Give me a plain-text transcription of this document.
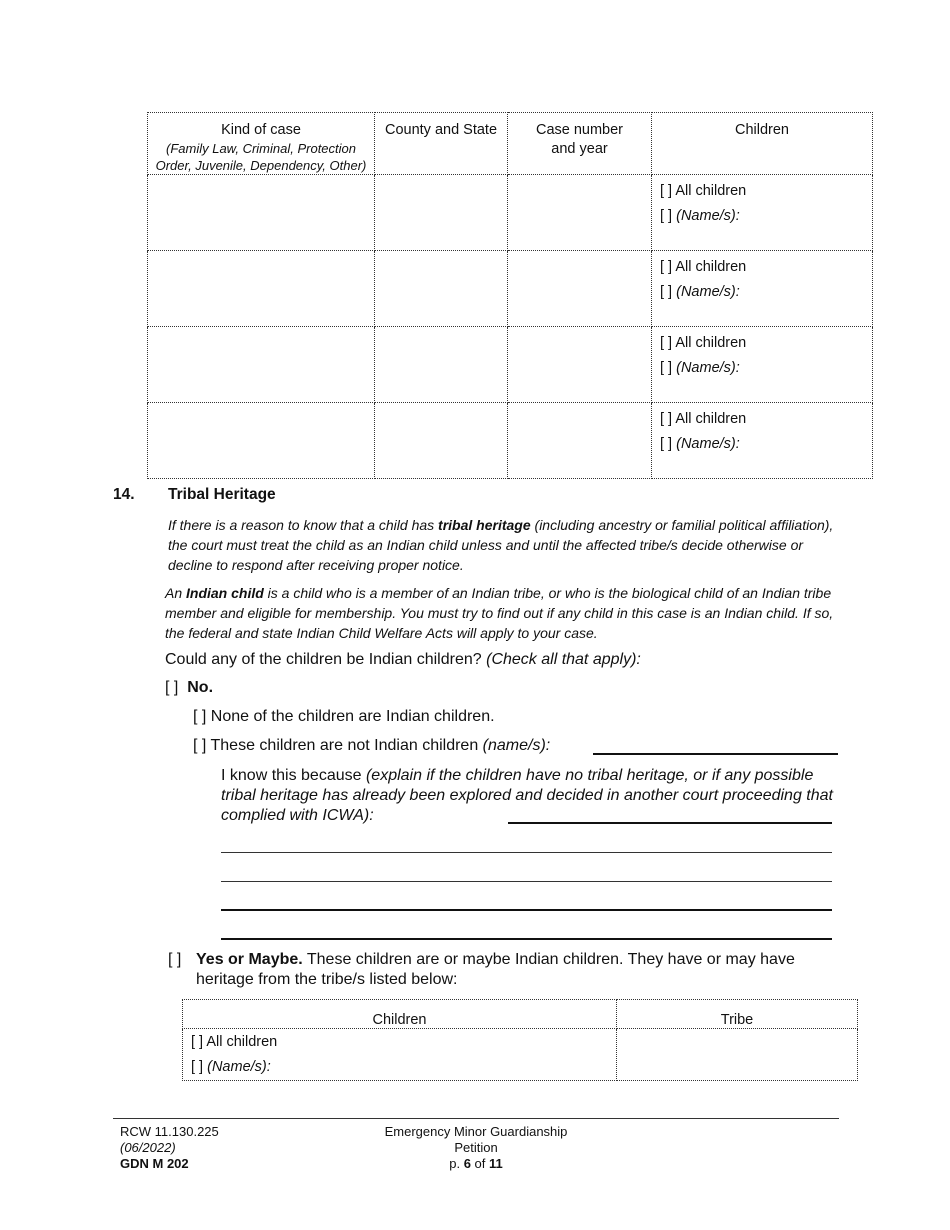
Kind of case
(Family Law, Criminal, Protection Order, Juvenile, Dependency, Other)	County and State	Case number and year	Children

			[ ] All children
[ ] (Name/s):

			[ ] All children
[ ] (Name/s):

			[ ] All children
[ ] (Name/s):

			[ ] All children
[ ] (Name/s):
14. Tribal Heritage
If there is a reason to know that a child has tribal heritage (including ancestry or familial political affiliation), the court must treat the child as an Indian child unless and until the affected tribe/s decide otherwise or decline to respond after receiving proper notice.
An Indian child is a child who is a member of an Indian tribe, or who is the biological child of an Indian tribe member and eligible for membership. You must try to find out if any child in this case is an Indian child. If so, the federal and state Indian Child Welfare Acts will apply to your case.
Could any of the children be Indian children? (Check all that apply):
[ ] No.
[ ] None of the children are Indian children.
[ ] These children are not Indian children (name/s):
I know this because (explain if the children have no tribal heritage, or if any possible tribal heritage has already been explored and decided in another court proceeding that complied with ICWA):
[ ] Yes or Maybe. These children are or maybe Indian children. They have or may have heritage from the tribe/s listed below:
Children	Tribe

[ ] All children
[ ] (Name/s):	

RCW 11.130.225
(06/2022)
GDN M 202
Emergency Minor Guardianship
Petition
p. 6 of 11
